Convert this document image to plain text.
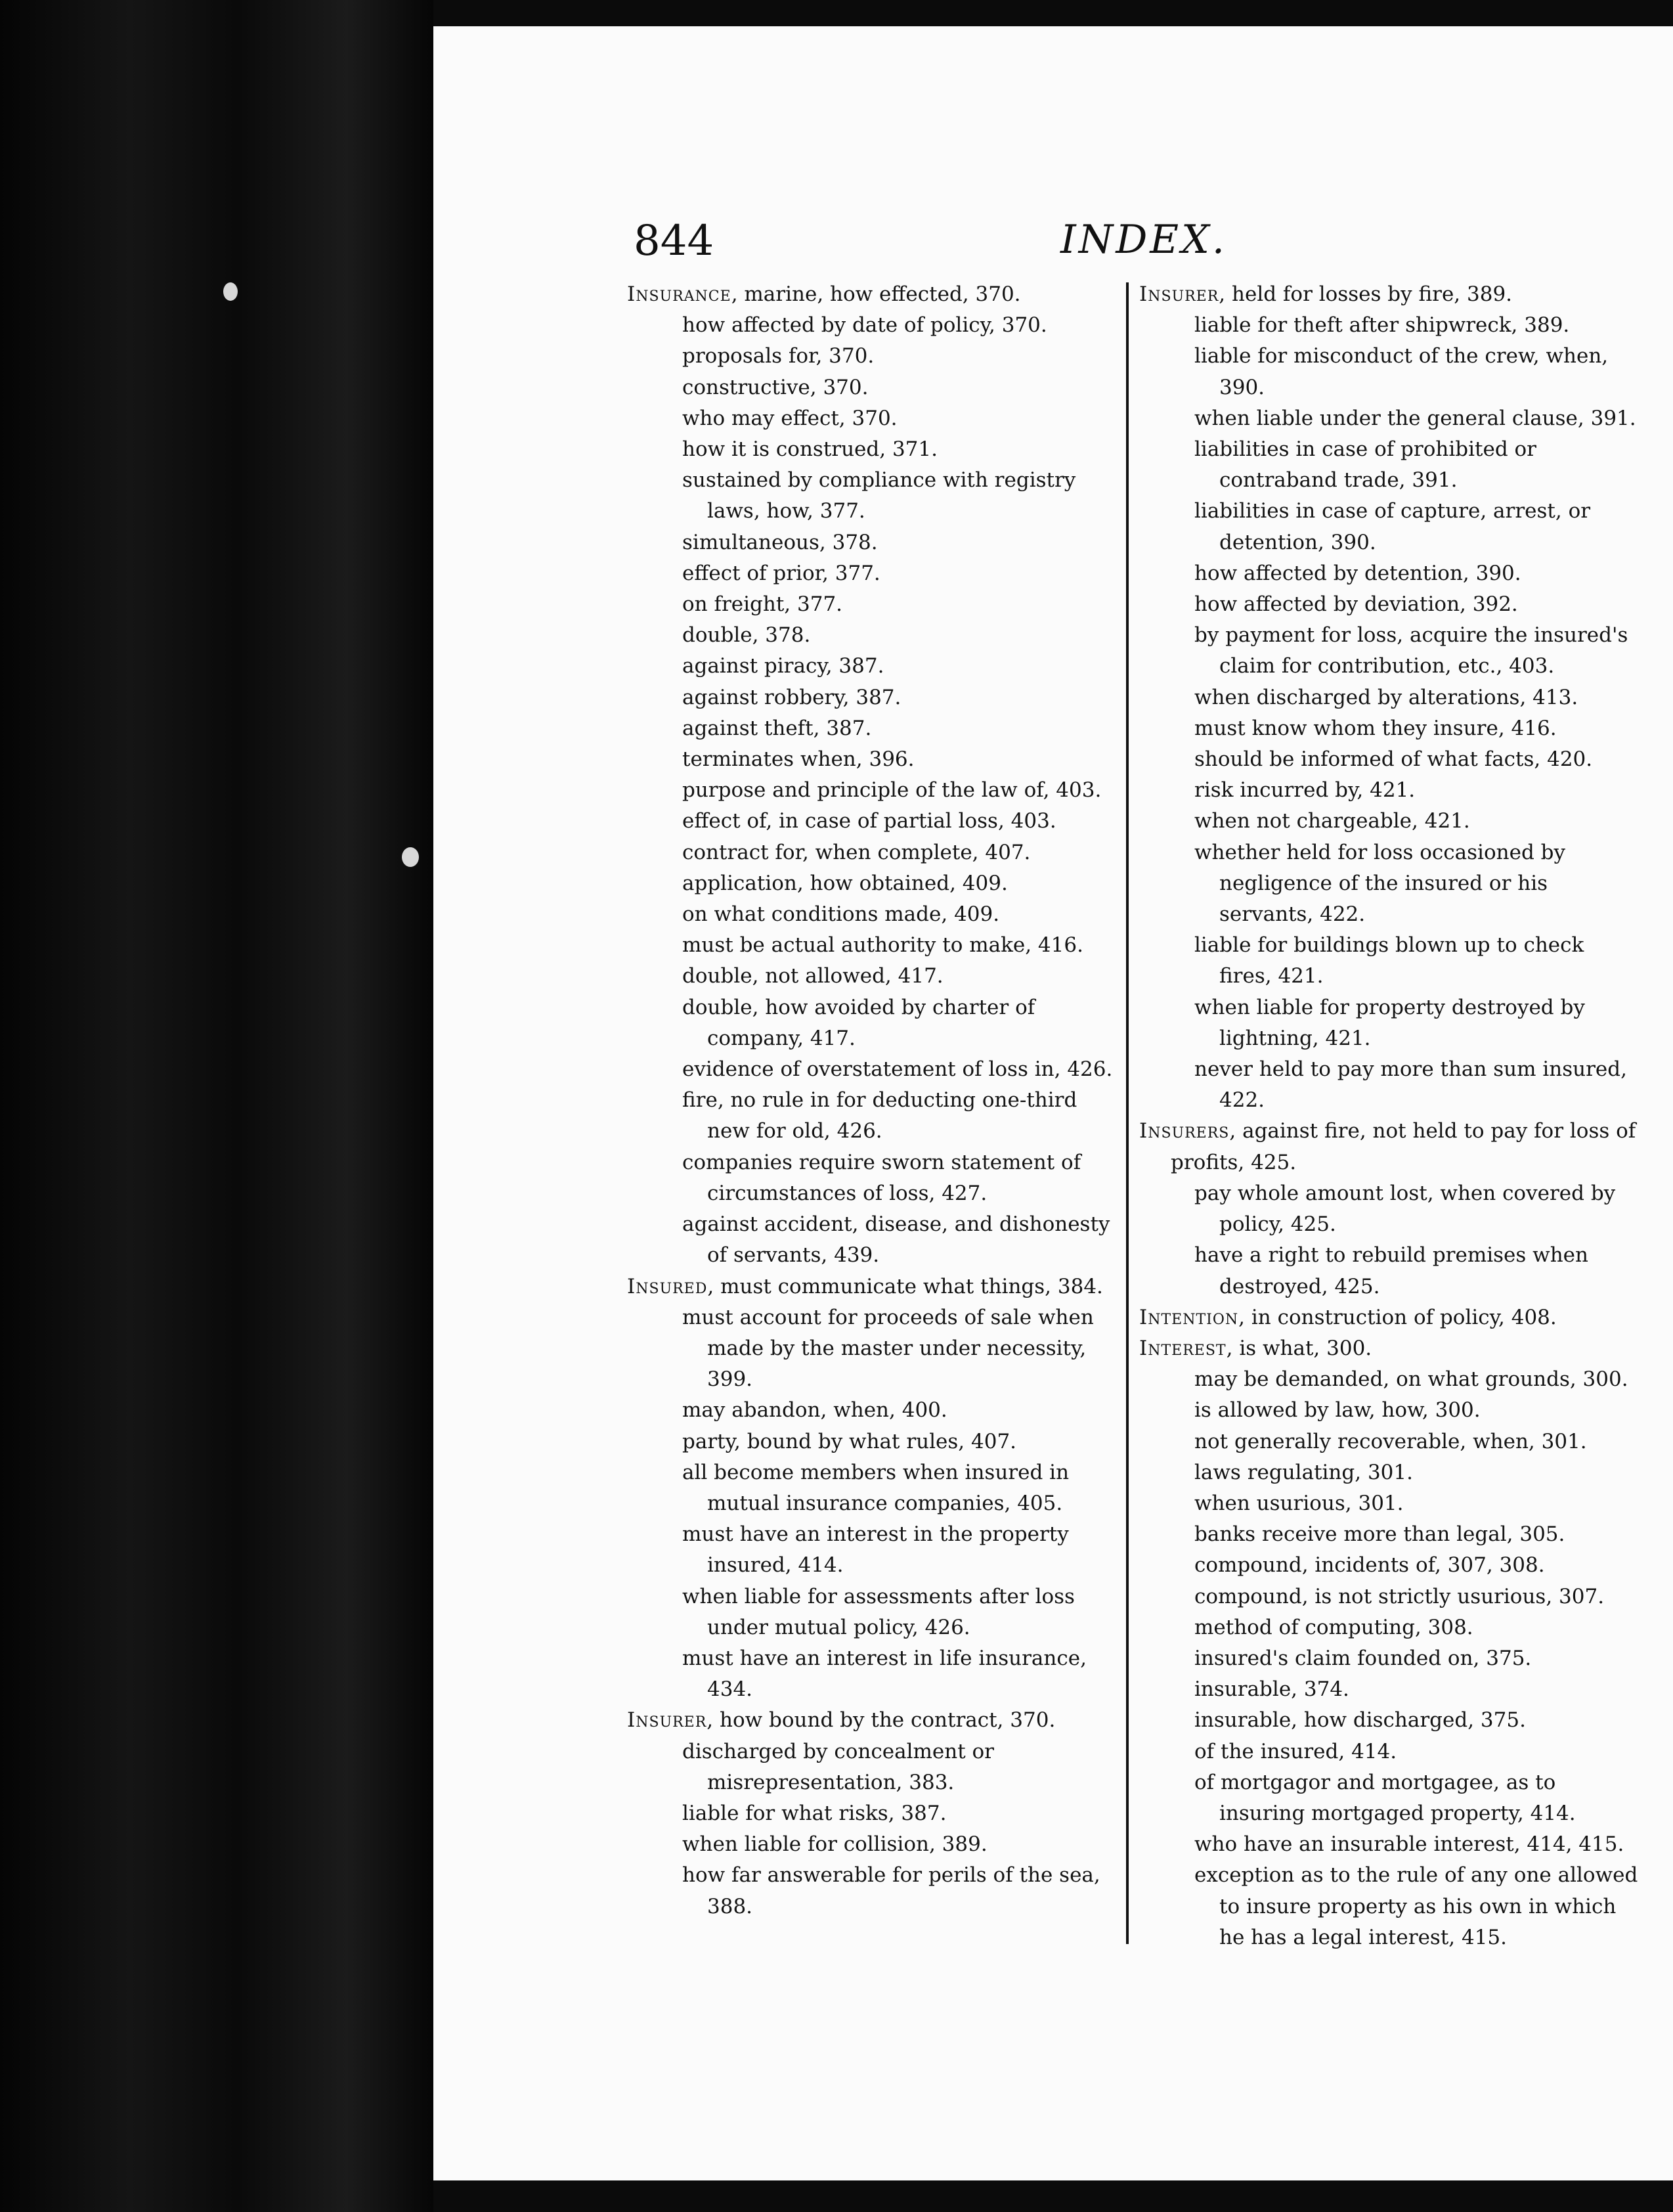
844	INDEX.
Insurance, marine, how effected, 370.
how affected by date of policy, 370.
proposals for, 370.
constructive, 370.
who may effect, 370.
how it is construed, 371.
sustained by compliance with registry laws, how, 377.
simultaneous, 378.
effect of prior, 377.
on freight, 377.
double, 378.
against piracy, 387.
against robbery, 387.
against theft, 387.
terminates when, 396.
purpose and principle of the law of, 403.
effect of, in case of partial loss, 403.
contract for, when complete, 407.
application, how obtained, 409.
on what conditions made, 409.
must be actual authority to make, 416.
double, not allowed, 417.
double, how avoided by charter of company, 417.
evidence of overstatement of loss in, 426.
fire, no rule in for deducting one-third new for old, 426.
companies require sworn statement of circumstances of loss, 427.
against accident, disease, and dishonesty of servants, 439.
Insured, must communicate what things, 384.
must account for proceeds of sale when made by the master under necessity, 399.
may abandon, when, 400.
party, bound by what rules, 407.
all become members when insured in mutual insurance companies, 405.
must have an interest in the property insured, 414.
when liable for assessments after loss under mutual policy, 426.
must have an interest in life insurance, 434.
Insurer, how bound by the contract, 370.
discharged by concealment or misrepresentation, 383.
liable for what risks, 387.
when liable for collision, 389.
how far answerable for perils of the sea, 388.
Insurer, held for losses by fire, 389.
liable for theft after shipwreck, 389.
liable for misconduct of the crew, when, 390.
when liable under the general clause, 391.
liabilities in case of prohibited or contraband trade, 391.
liabilities in case of capture, arrest, or detention, 390.
how affected by detention, 390.
how affected by deviation, 392.
by payment for loss, acquire the insured's claim for contribution, etc., 403.
when discharged by alterations, 413.
must know whom they insure, 416.
should be informed of what facts, 420.
risk incurred by, 421.
when not chargeable, 421.
whether held for loss occasioned by negligence of the insured or his servants, 422.
liable for buildings blown up to check fires, 421.
when liable for property destroyed by lightning, 421.
never held to pay more than sum insured, 422.
Insurers, against fire, not held to pay for loss of profits, 425.
pay whole amount lost, when covered by policy, 425.
have a right to rebuild premises when destroyed, 425.
Intention, in construction of policy, 408.
Interest, is what, 300.
may be demanded, on what grounds, 300.
is allowed by law, how, 300.
not generally recoverable, when, 301.
laws regulating, 301.
when usurious, 301.
banks receive more than legal, 305.
compound, incidents of, 307, 308.
compound, is not strictly usurious, 307.
method of computing, 308.
insured's claim founded on, 375.
insurable, 374.
insurable, how discharged, 375.
of the insured, 414.
of mortgagor and mortgagee, as to insuring mortgaged property, 414.
who have an insurable interest, 414, 415.
exception as to the rule of any one allowed to insure property as his own in which he has a legal interest, 415.
